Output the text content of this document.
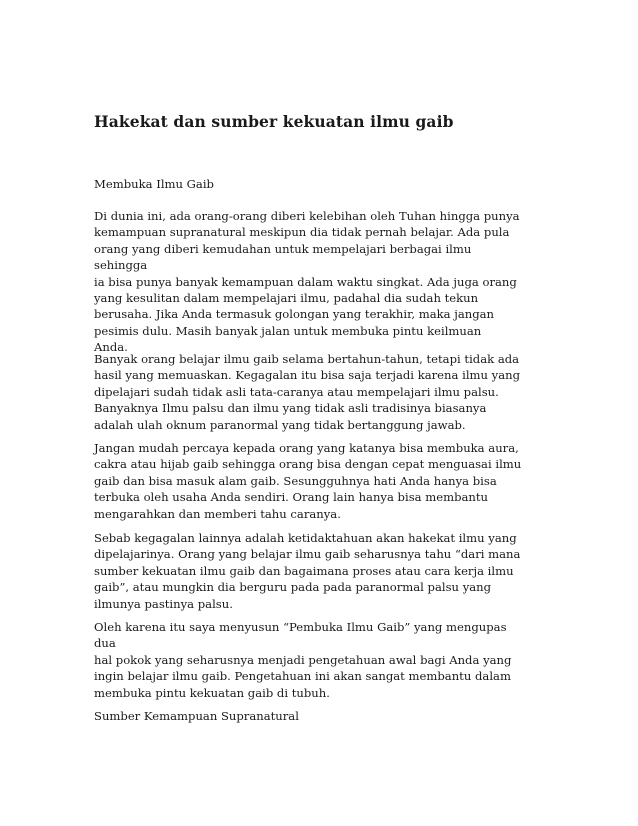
Hakekat dan sumber kekuatan ilmu gaib
Membuka Ilmu Gaib
Di dunia ini, ada orang-orang diberi kelebihan oleh Tuhan hingga punya
kemampuan supranatural meskipun dia tidak pernah belajar. Ada pula
orang yang diberi kemudahan untuk mempelajari berbagai ilmu
sehingga
ia bisa punya banyak kemampuan dalam waktu singkat. Ada juga orang
yang kesulitan dalam mempelajari ilmu, padahal dia sudah tekun
berusaha. Jika Anda termasuk golongan yang terakhir, maka jangan
pesimis dulu. Masih banyak jalan untuk membuka pintu keilmuan
Anda.
Banyak orang belajar ilmu gaib selama bertahun-tahun, tetapi tidak ada
hasil yang memuaskan. Kegagalan itu bisa saja terjadi karena ilmu yang
dipelajari sudah tidak asli tata-caranya atau mempelajari ilmu palsu.
Banyaknya Ilmu palsu dan ilmu yang tidak asli tradisinya biasanya
adalah ulah oknum paranormal yang tidak bertanggung jawab.
Jangan mudah percaya kepada orang yang katanya bisa membuka aura,
cakra atau hijab gaib sehingga orang bisa dengan cepat menguasai ilmu
gaib dan bisa masuk alam gaib. Sesungguhnya hati Anda hanya bisa
terbuka oleh usaha Anda sendiri. Orang lain hanya bisa membantu
mengarahkan dan memberi tahu caranya.
Sebab kegagalan lainnya adalah ketidaktahuan akan hakekat ilmu yang
dipelajarinya. Orang yang belajar ilmu gaib seharusnya tahu “dari mana
sumber kekuatan ilmu gaib dan bagaimana proses atau cara kerja ilmu
gaib”, atau mungkin dia berguru pada pada paranormal palsu yang
ilmunya pastinya palsu.
Oleh karena itu saya menyusun “Pembuka Ilmu Gaib” yang mengupas
dua
hal pokok yang seharusnya menjadi pengetahuan awal bagi Anda yang
ingin belajar ilmu gaib. Pengetahuan ini akan sangat membantu dalam
membuka pintu kekuatan gaib di tubuh.
Sumber Kemampuan Supranatural
